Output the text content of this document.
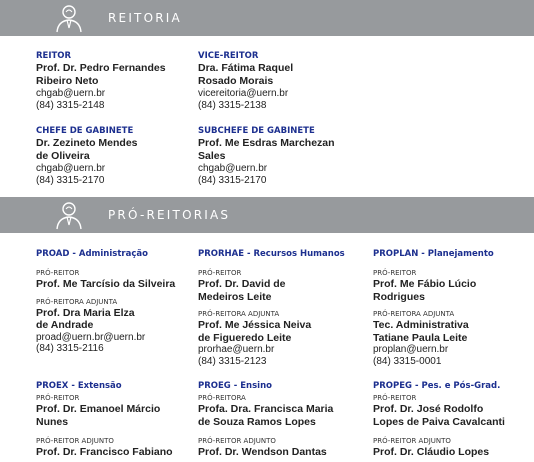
REITORIA
REITOR
Prof. Dr. Pedro Fernandes
Ribeiro Neto
chgab@uern.br
(84) 3315-2148
VICE-REITOR
Dra. Fátima Raquel
Rosado Morais
vicereitoria@uern.br
(84) 3315-2138
CHEFE DE GABINETE
Dr. Zezineto Mendes
de Oliveira
chgab@uern.br
(84) 3315-2170
SUBCHEFE DE GABINETE
Prof. Me Esdras Marchezan
Sales
chgab@uern.br
(84) 3315-2170
PRÓ-REITORIAS
PROAD - Administração
PRÓ-REITOR
Prof. Me Tarcísio da Silveira
PRÓ-REITORA ADJUNTA
Prof. Dra Maria Elza
de Andrade
proad@uern.br@uern.br
(84) 3315-2116
PRORHAE - Recursos Humanos
PRÓ-REITOR
Prof. Dr. David de
Medeiros Leite
PRÓ-REITORA ADJUNTA
Prof. Me Jéssica Neiva
de Figueredo Leite
prorhae@uern.br
(84) 3315-2123
PROPLAN - Planejamento
PRÓ-REITOR
Prof. Me Fábio Lúcio
Rodrigues
PRÓ-REITORA ADJUNTA
Tec. Administrativa
Tatiane Paula Leite
proplan@uern.br
(84) 3315-0001
PROEX - Extensão
PRÓ-REITOR
Prof. Dr. Emanoel Márcio
Nunes
PRÓ-REITOR ADJUNTO
Prof. Dr. Francisco Fabiano
PROEG - Ensino
PRÓ-REITORA
Profa. Dra. Francisca Maria
de Souza Ramos Lopes
PRÓ-REITOR ADJUNTO
Prof. Dr. Wendson Dantas
PROPEG - Pes. e Pós-Grad.
PRÓ-REITOR
Prof. Dr. José Rodolfo
Lopes de Paiva Cavalcanti
PRÓ-REITOR ADJUNTO
Prof. Dr. Cláudio Lopes
